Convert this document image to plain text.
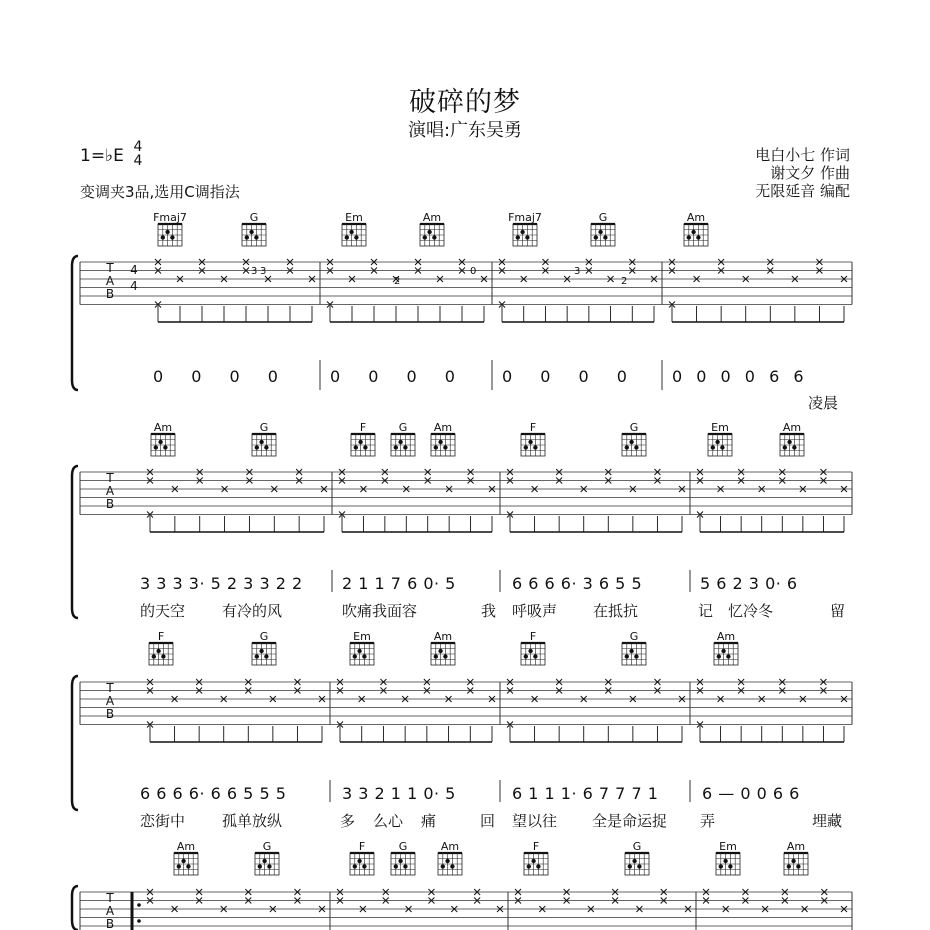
破碎的梦
演唱:广东吴勇
电白小七 作词
谢文夕 作曲
无限延音 编配
1=♭E 4
4
变调夹3品,选用C调指法
Fmaj7	G	Em	Am	Fmaj7	G	Am
3 3
2
0	3
2
0 0 0 0	0 0 0 0	0 0 0 0	0 0 0 0 6 6
凌晨
Am	G	F	G	Am	F	G	Em	Am
3 3 3 3· 5 2 3 3 2 2 2 1 1 7 6 0· 5	6 6 6 6· 3 6 5 5	5 6 2 3 0· 6
的天空 有冷的风	吹痛我面容	我 呼吸声 在抵抗	记 忆冷冬	留
F	G	Em	Am	F	G	Am
6 6 6 6· 6 6 5 5 5	3 3 2 1 1 0· 5	6 1 1 1· 6 7 7 7 1	6 — 0 0 6 6
恋街中 孤单放纵	多 么心 痛	回 望以往 全是命运捉 弄	埋藏
Am	G	F	G	Am	F	G	Em	Am
T
A
B
T
A
B
T
A
B
T
A
B
4
4
